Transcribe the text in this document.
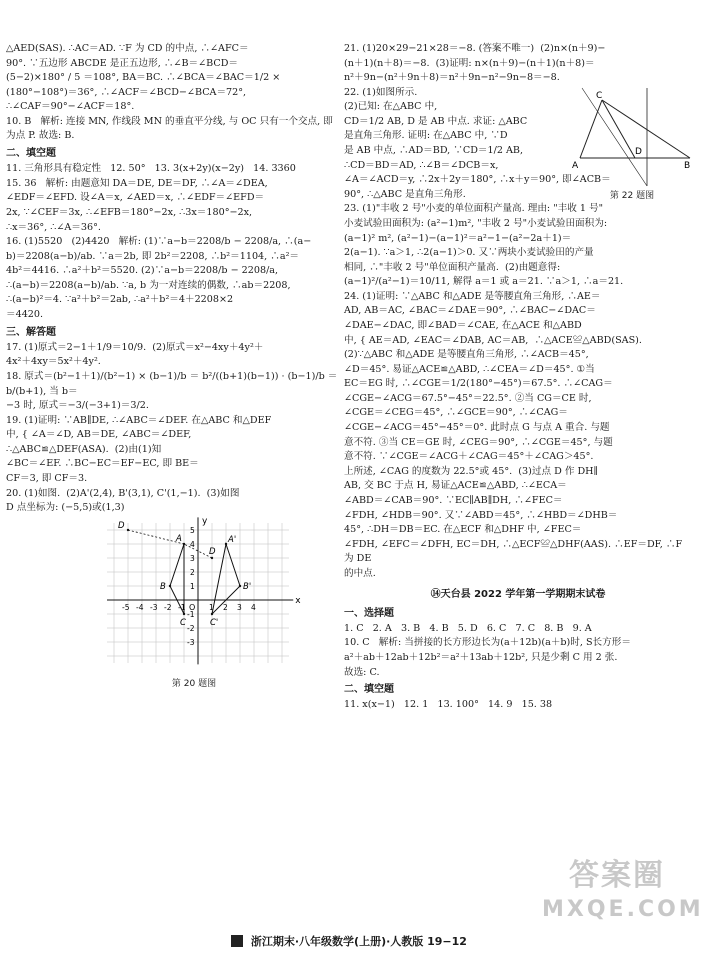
△AED(SAS). ∴AC＝AD. ∵F 为 CD 的中点, ∴∠AFC＝

90°. ∵五边形 ABCDE 是正五边形, ∴∠B＝∠BCD＝

(5−2)×180° / 5 ＝108°, BA＝BC. ∴∠BCA＝∠BAC＝1/2 ×

(180°−108°)＝36°, ∴∠ACF＝∠BCD−∠BCA＝72°,

∴∠CAF＝90°−∠ACF＝18°.

10. B   解析: 连接 MN, 作线段 MN 的垂直平分线, 与 OC 只有一个交点, 即为点 P. 故选: B.

二、填空题

11. 三角形具有稳定性   12. 50°   13. 3(x+2y)(x−2y)   14. 3360

15. 36   解析: 由题意知 DA＝DE, DE＝DF, ∴∠A＝∠DEA,

∠EDF＝∠EFD. 设∠A＝x, ∠AED＝x, ∴∠EDF＝∠EFD＝

2x, ∵∠CEF＝3x, ∴∠EFB＝180°−2x, ∴3x＝180°−2x,

∴x＝36°, ∴∠A＝36°.

16. (1)5520   (2)4420   解析: (1)∵a−b＝2208/b − 2208/a, ∴(a−

b)＝2208(a−b)/ab. ∵a＝2b, 即 2b²＝2208, ∴b²＝1104, ∴a²＝

4b²＝4416. ∴a²＋b²＝5520. (2)∵a−b＝2208/b − 2208/a,

∴(a−b)＝2208(a−b)/ab. ∵a, b 为一对连续的偶数, ∴ab＝2208,

∴(a−b)²＝4. ∵a²＋b²＝2ab, ∴a²＋b²＝4＋2208×2

＝4420.

三、解答题

17. (1)原式＝2−1＋1/9＝10/9.  (2)原式＝x²−4xy＋4y²＋

4x²＋4xy＝5x²＋4y².

18. 原式＝(b²−1＋1)/(b²−1) × (b−1)/b ＝ b²/((b+1)(b−1)) · (b−1)/b ＝ b/(b+1), 当 b＝

−3 时, 原式＝−3/(−3+1)＝3/2.

19. (1)证明: ∵AB∥DE, ∴∠ABC＝∠DEF. 在△ABC 和△DEF

中, { ∠A＝∠D, AB＝DE, ∠ABC＝∠DEF,

∴△ABC≌△DEF(ASA).  (2)由(1)知

∠BC＝∠EF. ∴BC−EC＝EF−EC, 即 BE＝

CF＝3, 即 CF＝3.

20. (1)如图.  (2)A'(2,4), B'(3,1), C'(1,−1).  (3)如图

D 点坐标为: (−5,5)或(1,3)

x
y
O
-5 -4 -3 -2 -1	1 2 3 4
5
4
3
2
1
-1
-2
-3
A
B
C
A'
B'
C'
D
D
第 20 题图

21. (1)20×29−21×28＝−8. (答案不唯一)  (2)n×(n＋9)−

(n＋1)(n＋8)＝−8.  (3)证明: n×(n＋9)−(n＋1)(n＋8)＝

n²＋9n−(n²＋9n＋8)＝n²＋9n−n²−9n−8＝−8.

A	B
C
D

22. (1)如图所示.

(2)已知: 在△ABC 中,

CD＝1/2 AB, D 是 AB 中点. 求证: △ABC

是直角三角形. 证明: 在△ABC 中, ∵D

是 AB 中点, ∴AD＝BD, ∵CD＝1/2 AB,

∴CD＝BD＝AD, ∴∠B＝∠DCB＝x,

∠A＝∠ACD＝y, ∴2x＋2y＝180°, ∴x＋y＝90°, 即∠ACB＝

90°, ∴△ABC 是直角三角形.	第 22 题图

23. (1)"丰收 2 号"小麦的单位面积产量高. 理由: "丰收 1 号"

小麦试验田面积为: (a²−1)m², "丰收 2 号"小麦试验田面积为:

(a−1)² m², (a²−1)−(a−1)²＝a²−1−(a²−2a＋1)＝

2(a−1). ∵a＞1, ∴2(a−1)＞0. 又∵两块小麦试验田的产量

相同, ∴"丰收 2 号"单位面积产量高.  (2)由题意得:

(a−1)²/(a²−1)＝10/11, 解得 a＝1 或 a＝21. ∵a＞1, ∴a＝21.

24. (1)证明: ∵△ABC 和△ADE 是等腰直角三角形, ∴AE＝

AD, AB＝AC, ∠BAC＝∠DAE＝90°, ∴∠BAC−∠DAC＝

∠DAE−∠DAC, 即∠BAD＝∠CAE, 在△ACE 和△ABD

中, { AE＝AD, ∠EAC＝∠DAB, AC＝AB,  ∴△ACE≌△ABD(SAS).

(2)∵△ABC 和△ADE 是等腰直角三角形, ∴∠ACB＝45°,

∠D＝45°. 易证△ACE≌△ABD, ∴∠CEA＝∠D＝45°. ①当

EC＝EG 时, ∴∠CGE＝1/2(180°−45°)＝67.5°. ∴∠CAG＝

∠CGE−∠ACG＝67.5°−45°＝22.5°. ②当 CG＝CE 时,

∠CGE＝∠CEG＝45°, ∴∠GCE＝90°, ∴∠CAG＝

∠CGE−∠ACG＝45°−45°＝0°. 此时点 G 与点 A 重合. 与题

意不符. ③当 CE＝GE 时, ∠CEG＝90°, ∴∠CGE＝45°, 与题

意不符. ∵∠CGE＝∠ACG＋∠CAG＝45°＋∠CAG＞45°.

上所述, ∠CAG 的度数为 22.5°或 45°.  (3)过点 D 作 DH∥

AB, 交 BC 于点 H, 易证△ACE≌△ABD, ∴∠ECA＝

∠ABD＝∠CAB＝90°. ∵EC∥AB∥DH, ∴∠FEC＝

∠FDH, ∠HDB＝90°. 又∵∠ABD＝45°, ∴∠HBD＝∠DHB＝

45°, ∴DH＝DB＝EC. 在△ECF 和△DHF 中, ∠FEC＝

∠FDH, ∠EFC＝∠DFH, EC＝DH, ∴△ECF≌△DHF(AAS). ∴EF＝DF, ∴F 为 DE

的中点.

⑭天台县 2022 学年第一学期期末试卷
一、选择题

1. C   2. A   3. B   4. B   5. D   6. C   7. C   8. B   9. A

10. C   解析: 当拼接的长方形边长为(a＋12b)(a＋b)时, S长方形＝

a²＋ab＋12ab＋12b²＝a²＋13ab＋12b², 只是少剩 C 用 2 张.

故选: C.

二、填空题

11. x(x−1)   12. 1   13. 100°   14. 9   15. 38

答案圈
MXQE.COM
浙江期末·八年级数学(上册)·人教版 19−12
